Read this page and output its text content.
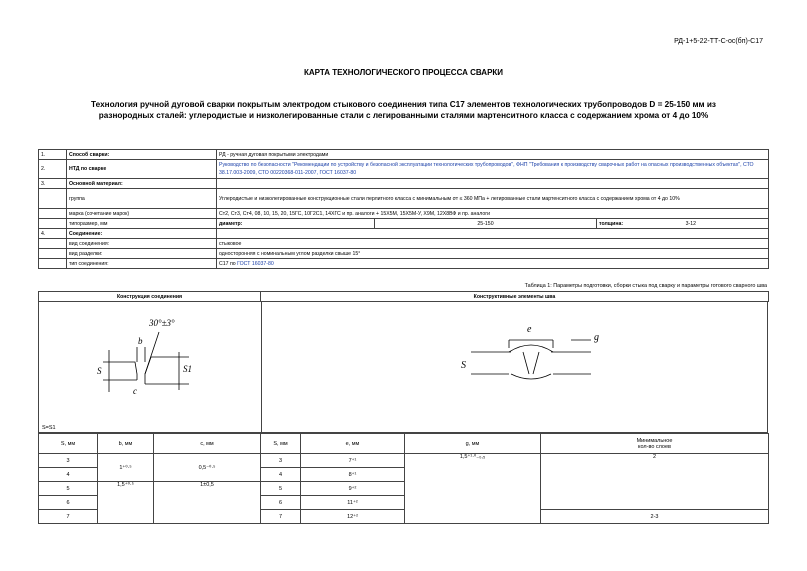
РД-1+5-22-ТТ-С-ос(бп)-С17
КАРТА ТЕХНОЛОГИЧЕСКОГО ПРОЦЕССА СВАРКИ
Технология ручной дуговой сварки покрытым электродом стыкового соединения типа С17 элементов технологических трубопроводов D = 25-150 мм из
разнородных сталей: углеродистые и низколегированные стали с легированными сталями мартенситного класса с содержанием хрома от 4 до 10%
1.	Способ сварки:	РД - ручная дуговая покрытыми электродами		
2.	НТД по сварке	Руководство по безопасности "Рекомендации по устройству и безопасной эксплуатации технологических трубопроводов", ФНП "Требования к производству сварочных работ на опасных производственных объектах", СТО 38.17.003-2009, СТО 00220368-011-2007, ГОСТ 16037-80		
3.	Основной материал:			
	группа	Углеродистые и низколегированные конструкционные стали перлитного класса с минимальным σт ≤ 360 МПа + легированные стали мартенситного класса с содержанием хрома от 4 до 10%		
	марка (сочетание марок)	Ст2, Ст3, Ст4, 08, 10, 15, 20, 15ГС, 10Г2С1, 14ХГС и пр. аналоги + 15Х5М, 15Х5М-У, Х9М, 12Х8ВФ и пр. аналоги		
	типоразмер, мм	диаметр:	25-150	толщина: 3-12

4.	Соединение:			
	вид соединения:	стыковое		
	вид разделки:	односторонняя с номинальным углом разделки свыше 15°		
	тип соединения:	С17 по ГОСТ 16037-80		
Таблица 1: Параметры подготовки, сборки стыка под сварку и параметры готового сварного шва
Конструкция соединения	Конструктивные элементы шва
30°±3°
b
S	S1
c
e
g
S
S=S1
S, мм	b, мм	c, мм	S, мм	e, мм	g, мм	Минимальное
кол-во слоев

3	1⁺⁰·⁵	0,5⁻⁰·⁵	3	7⁺¹	1,5⁺¹·⁰₋₀,₅	2
4			4	8⁺¹		
5	1,5⁺⁰·⁵	1±0,5	5	9⁺²		
6			6	11⁺²		
7			7	12⁺²		2-3
